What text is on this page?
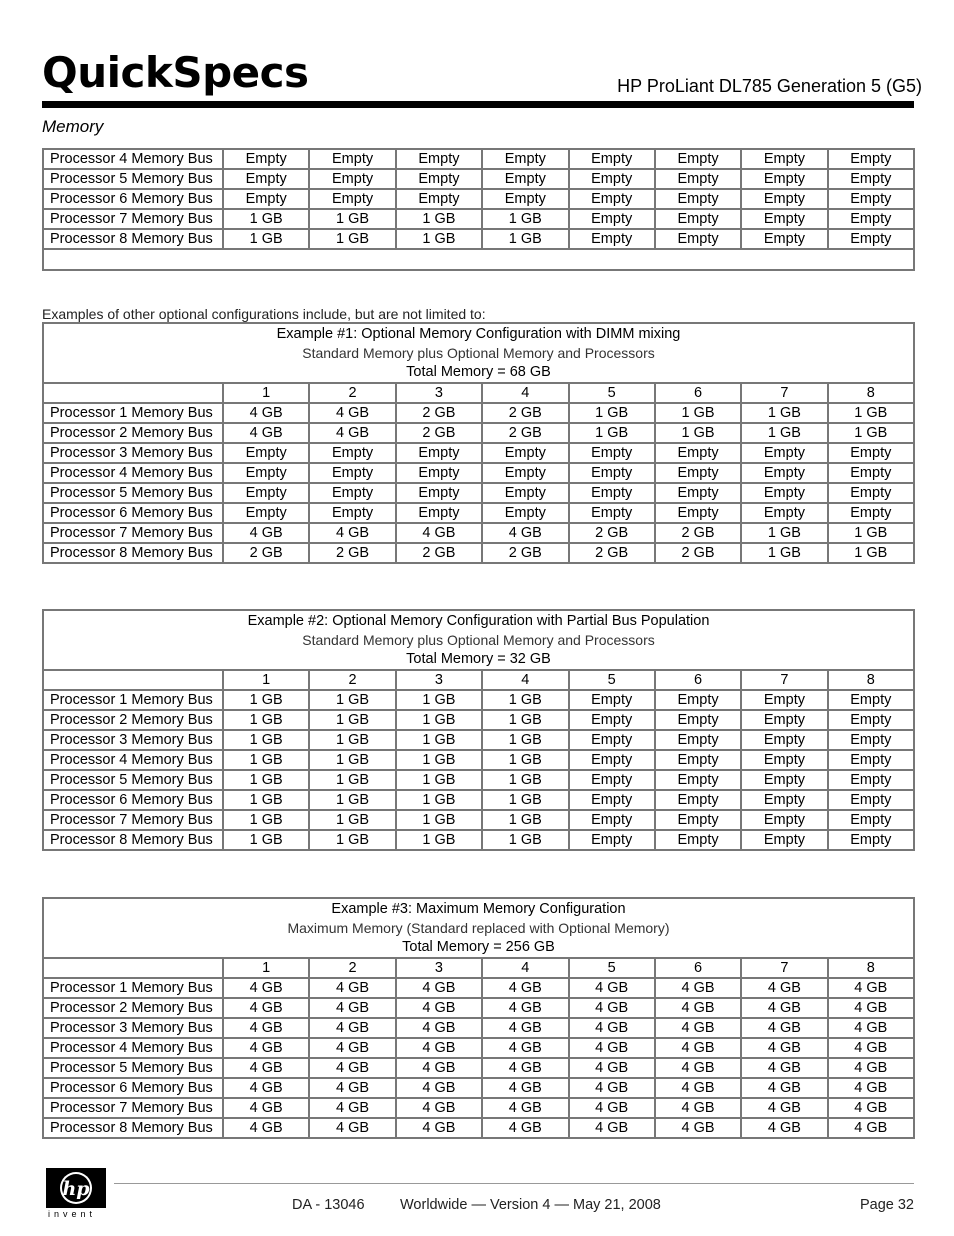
QuickSpecs	HP ProLiant DL785 Generation 5 (G5)
Memory
Processor 4 Memory Bus	Empty	Empty	Empty	Empty	Empty	Empty	Empty	Empty
Processor 5 Memory Bus	Empty	Empty	Empty	Empty	Empty	Empty	Empty	Empty
Processor 6 Memory Bus	Empty	Empty	Empty	Empty	Empty	Empty	Empty	Empty
Processor 7 Memory Bus	1 GB	1 GB	1 GB	1 GB	Empty	Empty	Empty	Empty
Processor 8 Memory Bus	1 GB	1 GB	1 GB	1 GB	Empty	Empty	Empty	Empty

Examples of other optional configurations include, but are not limited to:
Example #1: Optional Memory Configuration with DIMM mixing
Standard Memory plus Optional Memory and Processors
Total Memory = 68 GB								

	1	2	3	4	5	6	7	8
Processor 1 Memory Bus	4 GB	4 GB	2 GB	2 GB	1 GB	1 GB	1 GB	1 GB
Processor 2 Memory Bus	4 GB	4 GB	2 GB	2 GB	1 GB	1 GB	1 GB	1 GB
Processor 3 Memory Bus	Empty	Empty	Empty	Empty	Empty	Empty	Empty	Empty
Processor 4 Memory Bus	Empty	Empty	Empty	Empty	Empty	Empty	Empty	Empty
Processor 5 Memory Bus	Empty	Empty	Empty	Empty	Empty	Empty	Empty	Empty
Processor 6 Memory Bus	Empty	Empty	Empty	Empty	Empty	Empty	Empty	Empty
Processor 7 Memory Bus	4 GB	4 GB	4 GB	4 GB	2 GB	2 GB	1 GB	1 GB
Processor 8 Memory Bus	2 GB	2 GB	2 GB	2 GB	2 GB	2 GB	1 GB	1 GB
Example #2: Optional Memory Configuration with Partial Bus Population
Standard Memory plus Optional Memory and Processors
Total Memory = 32 GB								

	1	2	3	4	5	6	7	8
Processor 1 Memory Bus	1 GB	1 GB	1 GB	1 GB	Empty	Empty	Empty	Empty
Processor 2 Memory Bus	1 GB	1 GB	1 GB	1 GB	Empty	Empty	Empty	Empty
Processor 3 Memory Bus	1 GB	1 GB	1 GB	1 GB	Empty	Empty	Empty	Empty
Processor 4 Memory Bus	1 GB	1 GB	1 GB	1 GB	Empty	Empty	Empty	Empty
Processor 5 Memory Bus	1 GB	1 GB	1 GB	1 GB	Empty	Empty	Empty	Empty
Processor 6 Memory Bus	1 GB	1 GB	1 GB	1 GB	Empty	Empty	Empty	Empty
Processor 7 Memory Bus	1 GB	1 GB	1 GB	1 GB	Empty	Empty	Empty	Empty
Processor 8 Memory Bus	1 GB	1 GB	1 GB	1 GB	Empty	Empty	Empty	Empty
Example #3: Maximum Memory Configuration
Maximum Memory (Standard replaced with Optional Memory)
Total Memory = 256 GB								

	1	2	3	4	5	6	7	8
Processor 1 Memory Bus	4 GB	4 GB	4 GB	4 GB	4 GB	4 GB	4 GB	4 GB
Processor 2 Memory Bus	4 GB	4 GB	4 GB	4 GB	4 GB	4 GB	4 GB	4 GB
Processor 3 Memory Bus	4 GB	4 GB	4 GB	4 GB	4 GB	4 GB	4 GB	4 GB
Processor 4 Memory Bus	4 GB	4 GB	4 GB	4 GB	4 GB	4 GB	4 GB	4 GB
Processor 5 Memory Bus	4 GB	4 GB	4 GB	4 GB	4 GB	4 GB	4 GB	4 GB
Processor 6 Memory Bus	4 GB	4 GB	4 GB	4 GB	4 GB	4 GB	4 GB	4 GB
Processor 7 Memory Bus	4 GB	4 GB	4 GB	4 GB	4 GB	4 GB	4 GB	4 GB
Processor 8 Memory Bus	4 GB	4 GB	4 GB	4 GB	4 GB	4 GB	4 GB	4 GB
hp
invent
DA - 13046 Worldwide — Version 4 — May 21, 2008	Page 32
